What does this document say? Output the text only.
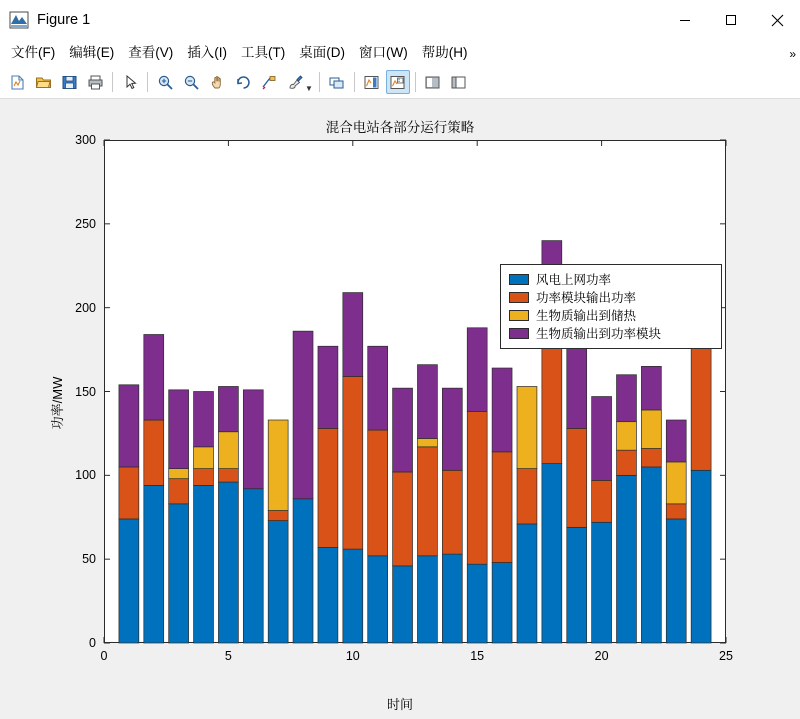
Figure 1
文件(F)	编辑(E)	查看(V)	插入(I)	工具(T)	桌面(D)	窗口(W)	帮助(H)	»
▼
混合电站各部分运行策略
功率/MW
时间
0
50
100
150
200
250
300
0	5	10	15	20	25
风电上网功率
功率模块输出功率
生物质输出到储热
生物质输出到功率模块
